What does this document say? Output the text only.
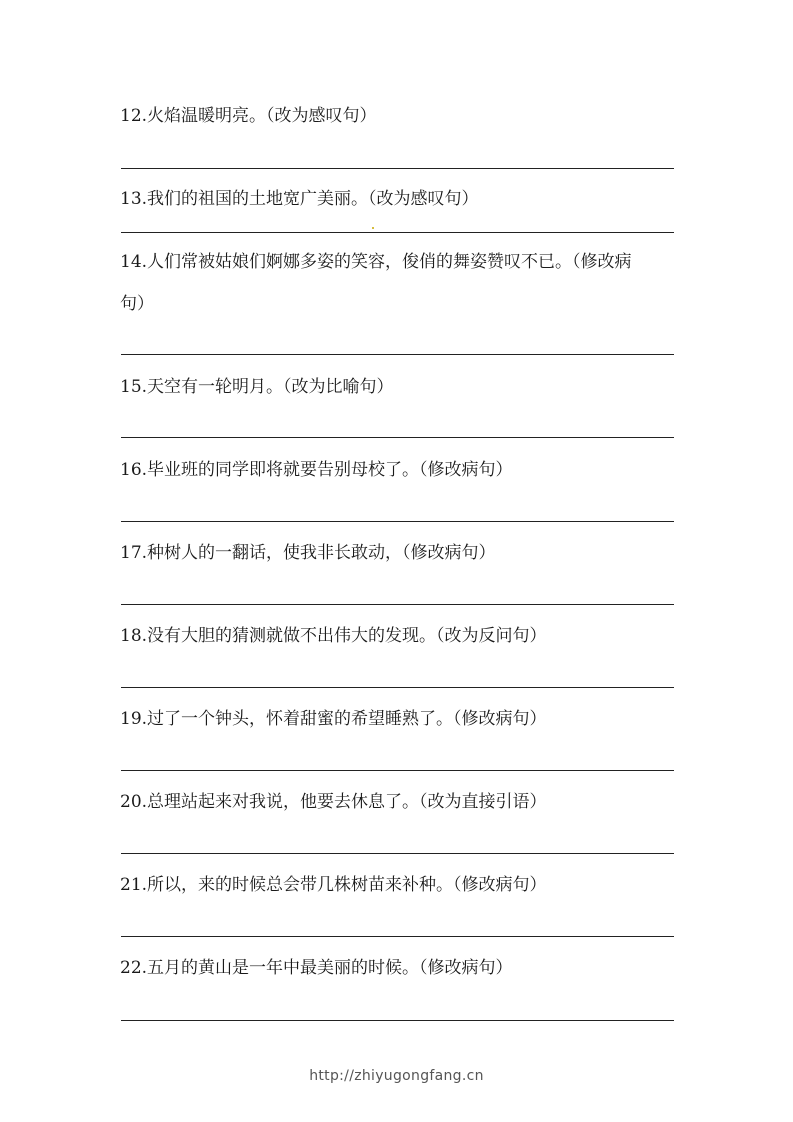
12.火焰温暖明亮。（改为感叹句）
13.我们的祖国的土地宽广美丽。（改为感叹句）
14.人们常被姑娘们婀娜多姿的笑容，俊俏的舞姿赞叹不已。（修改病
句）
15.天空有一轮明月。（改为比喻句）
16.毕业班的同学即将就要告别母校了。（修改病句）
17.种树人的一翻话，使我非长敢动，（修改病句）
18.没有大胆的猜测就做不出伟大的发现。（改为反问句）
19.过了一个钟头，怀着甜蜜的希望睡熟了。（修改病句）
20.总理站起来对我说，他要去休息了。（改为直接引语）
21.所以，来的时候总会带几株树苗来补种。（修改病句）
22.五月的黄山是一年中最美丽的时候。（修改病句）
http://zhiyugongfang.cn
